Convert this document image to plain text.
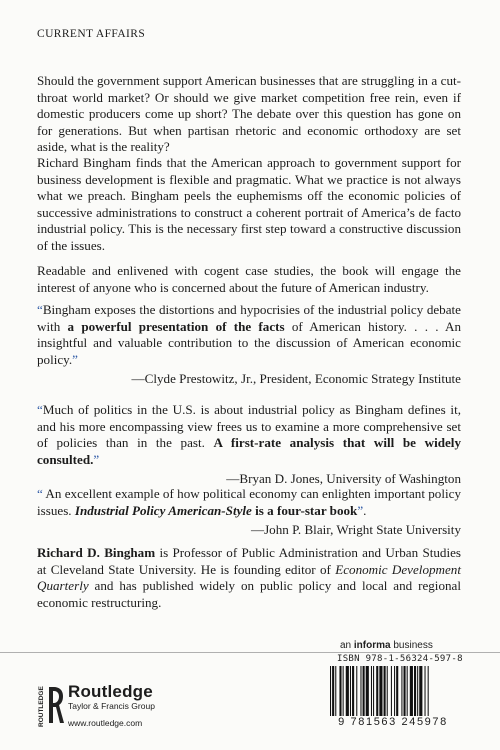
CURRENT AFFAIRS

Should the government support American businesses that are struggling in a cut-throat world market? Or should we give market competition free rein, even if domestic producers come up short? The debate over this question has gone on for generations. But when partisan rhetoric and economic orthodoxy are set aside, what is the reality?

Richard Bingham finds that the American approach to government support for business development is flexible and pragmatic. What we practice is not always what we preach. Bingham peels the euphemisms off the economic policies of successive administrations to construct a coherent portrait of America’s de facto industrial policy. This is the necessary first step toward a constructive discussion of the issues.

Readable and enlivened with cogent case studies, the book will engage the interest of anyone who is concerned about the future of American industry.

“Bingham exposes the distortions and hypocrisies of the industrial policy debate with a powerful presentation of the facts of American history. . . . An insightful and valuable contribution to the discussion of American economic policy.”
—Clyde Prestowitz, Jr., President, Economic Strategy Institute
“Much of politics in the U.S. is about industrial policy as Bingham defines it, and his more encompassing view frees us to examine a more comprehensive set of policies than in the past. A first-rate analysis that will be widely consulted.”
—Bryan D. Jones, University of Washington
“ An excellent example of how political economy can enlighten important policy issues. Industrial Policy American-Style is a four-star book”.
—John P. Blair, Wright State University
Richard D. Bingham is Professor of Public Administration and Urban Studies at Cleveland State University. He is founding editor of Economic Development Quarterly and has published widely on public policy and local and regional economic restructuring.
an informa business
ISBN 978-1-56324-597-8
9 781563 245978
ROUTLEDGE Routledge
Taylor & Francis Group
www.routledge.com
